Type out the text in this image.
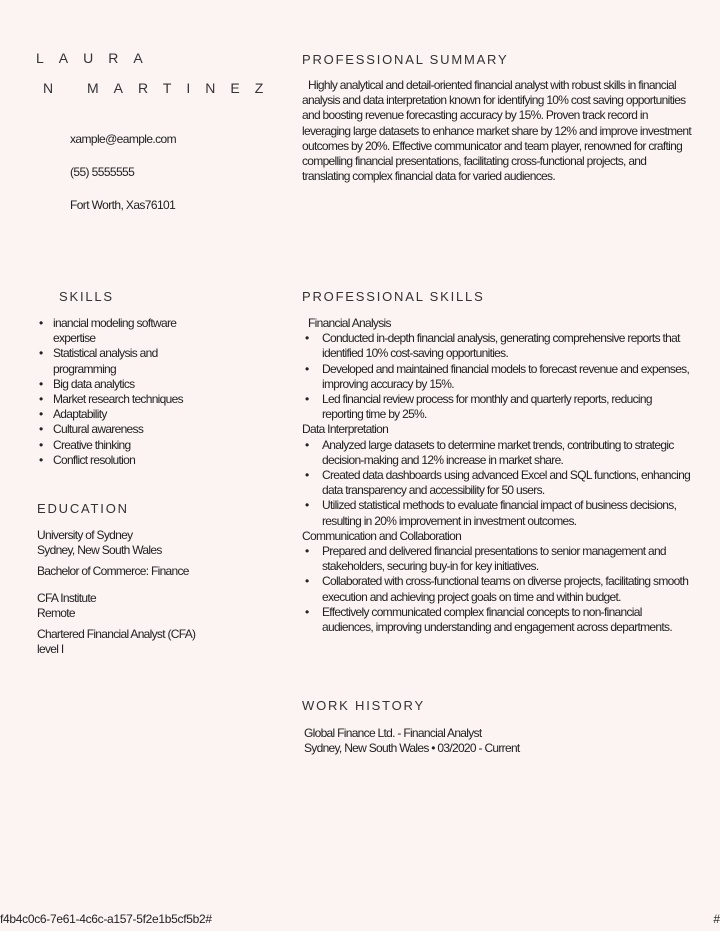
LAURA
N MARTINEZ
xample@eample.com
(55) 5555555
Fort Worth, Xas76101
SKILLS
• inancial modeling software
expertise
• Statistical analysis and
programming
• Big data analytics
• Market research techniques
• Adaptability
• Cultural awareness
• Creative thinking
• Conflict resolution
EDUCATION
University of Sydney
Sydney, New South Wales
Bachelor of Commerce: Finance
CFA Institute
Remote
Chartered Financial Analyst (CFA)
level I
PROFESSIONAL SUMMARY
Highly analytical and detail-oriented financial analyst with robust skills in financial analysis and data interpretation known for identifying 10% cost saving opportunities and boosting revenue forecasting accuracy by 15%. Proven track record in leveraging large datasets to enhance market share by 12% and improve investment outcomes by 20%. Effective communicator and team player, renowned for crafting compelling financial presentations, facilitating cross-functional projects, and translating complex financial data for varied audiences.
PROFESSIONAL SKILLS
Financial Analysis
• Conducted in-depth financial analysis, generating comprehensive reports that identified 10% cost-saving opportunities.
• Developed and maintained financial models to forecast revenue and expenses, improving accuracy by 15%.
• Led financial review process for monthly and quarterly reports, reducing reporting time by 25%.
Data Interpretation
• Analyzed large datasets to determine market trends, contributing to strategic decision-making and 12% increase in market share.
• Created data dashboards using advanced Excel and SQL functions, enhancing data transparency and accessibility for 50 users.
• Utilized statistical methods to evaluate financial impact of business decisions, resulting in 20% improvement in investment outcomes.
Communication and Collaboration
• Prepared and delivered financial presentations to senior management and stakeholders, securing buy-in for key initiatives.
• Collaborated with cross-functional teams on diverse projects, facilitating smooth execution and achieving project goals on time and within budget.
• Effectively communicated complex financial concepts to non-financial audiences, improving understanding and engagement across departments.
WORK HISTORY
Global Finance Ltd. - Financial Analyst
Sydney, New South Wales • 03/2020 - Current
f4b4c0c6-7e61-4c6c-a157-5f2e1b5cf5b2#	#
